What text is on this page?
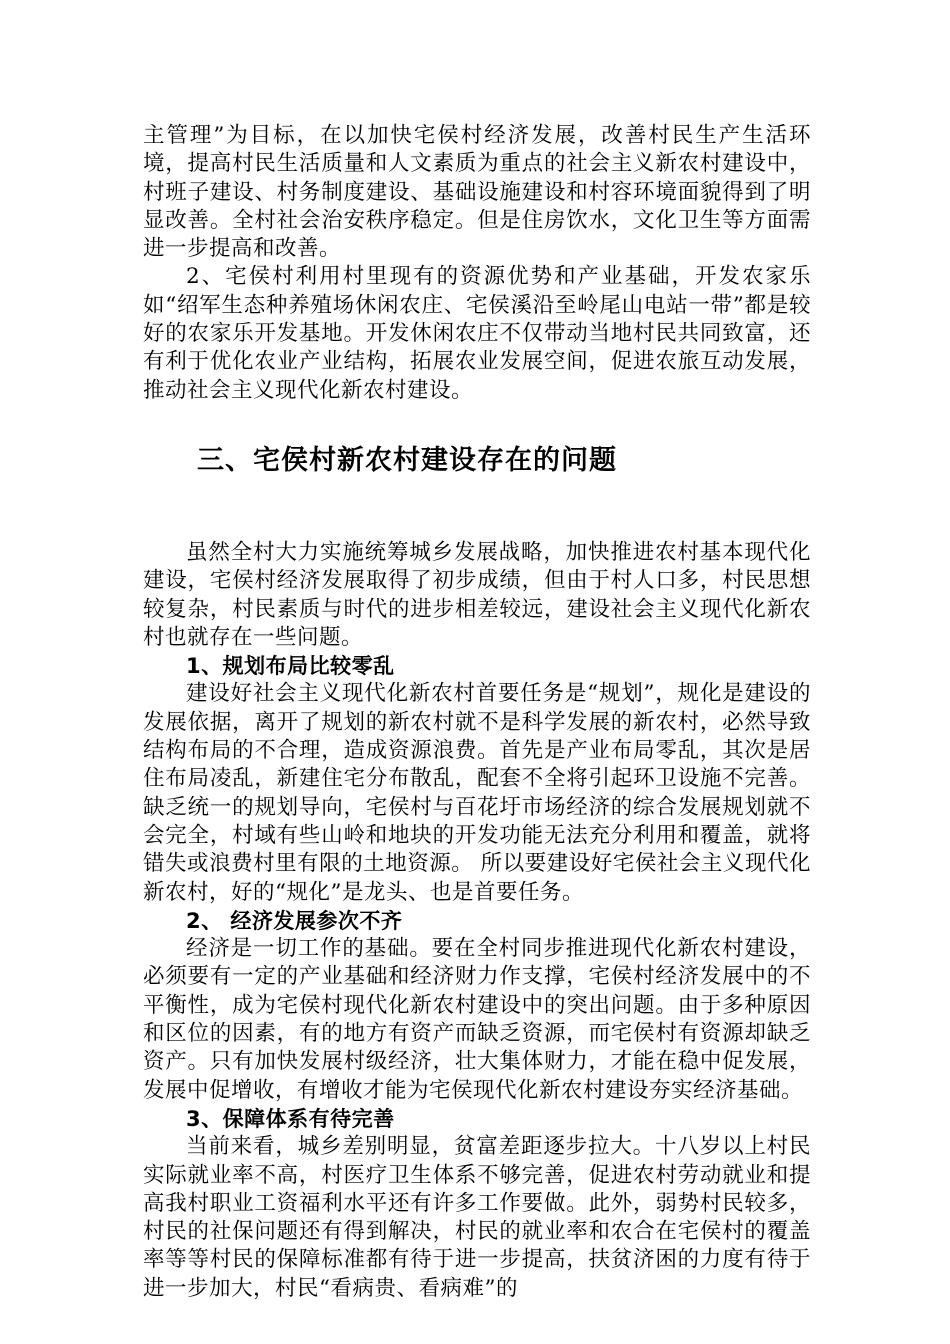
主管理”为目标，在以加快宅侯村经济发展，改善村民生产生活环境，提高村民生活质量和人文素质为重点的社会主义新农村建设中，村班子建设、村务制度建设、基础设施建设和村容环境面貌得到了明显改善。全村社会治安秩序稳定。但是住房饮水，文化卫生等方面需进一步提高和改善。

2、宅侯村利用村里现有的资源优势和产业基础，开发农家乐如“绍军生态种养殖场休闲农庄、宅侯溪沿至岭尾山电站一带”都是较好的农家乐开发基地。开发休闲农庄不仅带动当地村民共同致富，还有利于优化农业产业结构，拓展农业发展空间，促进农旅互动发展，推动社会主义现代化新农村建设。

三、宅侯村新农村建设存在的问题

虽然全村大力实施统筹城乡发展战略，加快推进农村基本现代化建设，宅侯村经济发展取得了初步成绩，但由于村人口多，村民思想较复杂，村民素质与时代的进步相差较远，建设社会主义现代化新农村也就存在一些问题。

1、规划布局比较零乱

建设好社会主义现代化新农村首要任务是“规划”，规化是建设的发展依据，离开了规划的新农村就不是科学发展的新农村，必然导致结构布局的不合理，造成资源浪费。首先是产业布局零乱，其次是居住布局凌乱，新建住宅分布散乱，配套不全将引起环卫设施不完善。缺乏统一的规划导向，宅侯村与百花圩市场经济的综合发展规划就不会完全，村域有些山岭和地块的开发功能无法充分利用和覆盖，就将错失或浪费村里有限的土地资源。 所以要建设好宅侯社会主义现代化新农村，好的“规化”是龙头、也是首要任务。

2、 经济发展参次不齐

经济是一切工作的基础。要在全村同步推进现代化新农村建设，必须要有一定的产业基础和经济财力作支撑，宅侯村经济发展中的不平衡性，成为宅侯村现代化新农村建设中的突出问题。由于多种原因和区位的因素，有的地方有资产而缺乏资源，而宅侯村有资源却缺乏资产。只有加快发展村级经济，壮大集体财力，才能在稳中促发展，发展中促增收，有增收才能为宅侯现代化新农村建设夯实经济基础。

3、保障体系有待完善

当前来看，城乡差别明显，贫富差距逐步拉大。十八岁以上村民实际就业率不高，村医疗卫生体系不够完善，促进农村劳动就业和提高我村职业工资福利水平还有许多工作要做。此外，弱势村民较多，村民的社保问题还有得到解决，村民的就业率和农合在宅侯村的覆盖率等等村民的保障标准都有待于进一步提高，扶贫济困的力度有待于进一步加大，村民“看病贵、看病难”的
